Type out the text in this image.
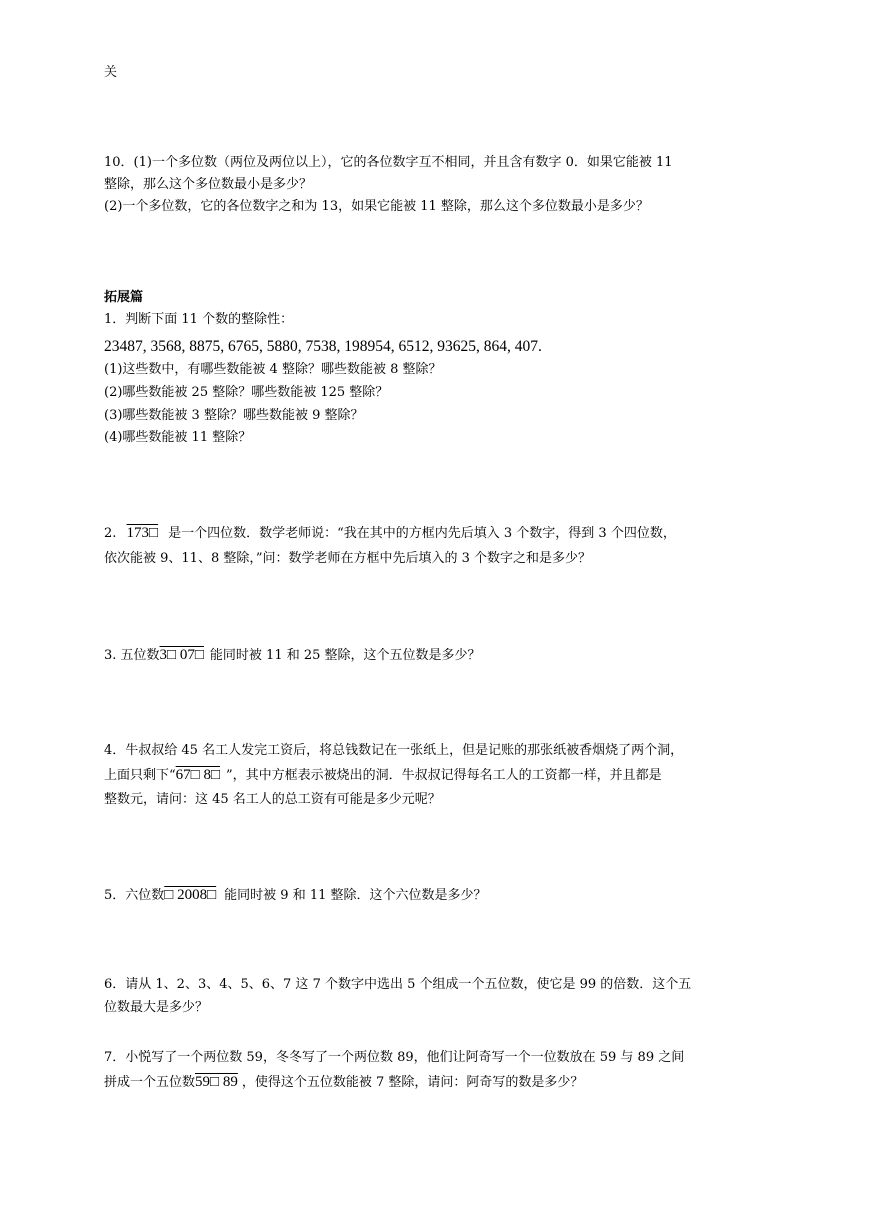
关

10．(1)一个多位数（两位及两位以上），它的各位数字互不相同，并且含有数字 0．如果它能被 11

整除，那么这个多位数最小是多少？

(2)一个多位数，它的各位数字之和为 13，如果它能被 11 整除，那么这个多位数最小是多少？

拓展篇

1．判断下面 11 个数的整除性：

23487, 3568, 8875, 6765, 5880, 7538, 198954, 6512, 93625, 864, 407.

(1)这些数中，有哪些数能被 4 整除？哪些数能被 8 整除？

(2)哪些数能被 25 整除？哪些数能被 125 整除？

(3)哪些数能被 3 整除？哪些数能被 9 整除？

(4)哪些数能被 11 整除？

2. 173□ 是一个四位数．数学老师说：“我在其中的方框内先后填入 3 个数字，得到 3 个四位数，

依次能被 9、11、8 整除，”问：数学老师在方框中先后填入的 3 个数字之和是多少？

3. 五位数3□ 07□ 能同时被 11 和 25 整除，这个五位数是多少？

4．牛叔叔给 45 名工人发完工资后，将总钱数记在一张纸上，但是记账的那张纸被香烟烧了两个洞，

上面只剩下“67□ 8□ ”，其中方框表示被烧出的洞．牛叔叔记得每名工人的工资都一样，并且都是

整数元，请问：这 45 名工人的总工资有可能是多少元呢？

5．六位数□ 2008□ 能同时被 9 和 11 整除．这个六位数是多少？

6．请从 1、2、3、4、5、6、7 这 7 个数字中选出 5 个组成一个五位数，使它是 99 的倍数．这个五

位数最大是多少？

7．小悦写了一个两位数 59，冬冬写了一个两位数 89，他们让阿奇写一个一位数放在 59 与 89 之间

拼成一个五位数59□ 89 ，使得这个五位数能被 7 整除，请问：阿奇写的数是多少？
